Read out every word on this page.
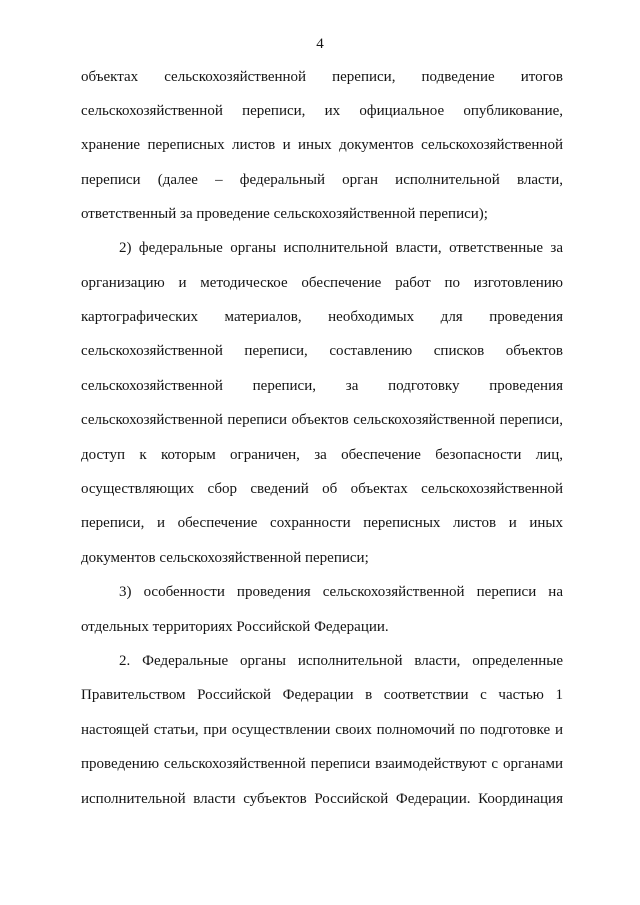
4
объектах сельскохозяйственной переписи, подведение итогов
сельскохозяйственной переписи, их официальное опубликование,
хранение переписных листов и иных документов сельскохозяйственной
переписи (далее – федеральный орган исполнительной власти,
ответственный за проведение сельскохозяйственной переписи);
2) федеральные органы исполнительной власти, ответственные за
организацию и методическое обеспечение работ по изготовлению
картографических материалов, необходимых для проведения
сельскохозяйственной переписи, составлению списков объектов
сельскохозяйственной переписи, за подготовку проведения
сельскохозяйственной переписи объектов сельскохозяйственной переписи,
доступ к которым ограничен, за обеспечение безопасности лиц,
осуществляющих сбор сведений об объектах сельскохозяйственной
переписи, и обеспечение сохранности переписных листов и иных
документов сельскохозяйственной переписи;
3) особенности проведения сельскохозяйственной переписи на
отдельных территориях Российской Федерации.
2. Федеральные органы исполнительной власти, определенные
Правительством Российской Федерации в соответствии с частью 1
настоящей статьи, при осуществлении своих полномочий по подготовке и
проведению сельскохозяйственной переписи взаимодействуют с органами
исполнительной власти субъектов Российской Федерации. Координация
